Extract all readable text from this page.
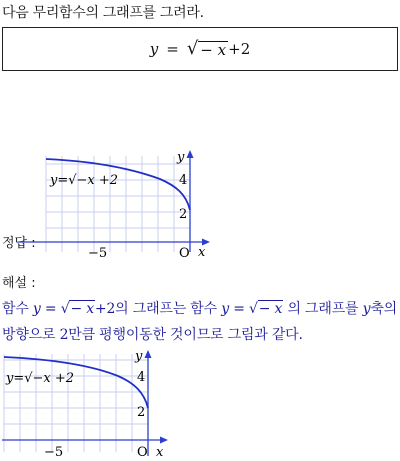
다음 무리함수의 그래프를 그려라.
y = √ − x + 2
정답 :
y=√−x +2
y
x
O
4
2
−5
해설 :
함수 y = √− x+2의 그래프는 함수 y = √− x 의 그래프를 y축의
방향으로 2만큼 평행이동한 것이므로 그림과 같다.
y=√−x +2
y
x
O
4
2
−5
